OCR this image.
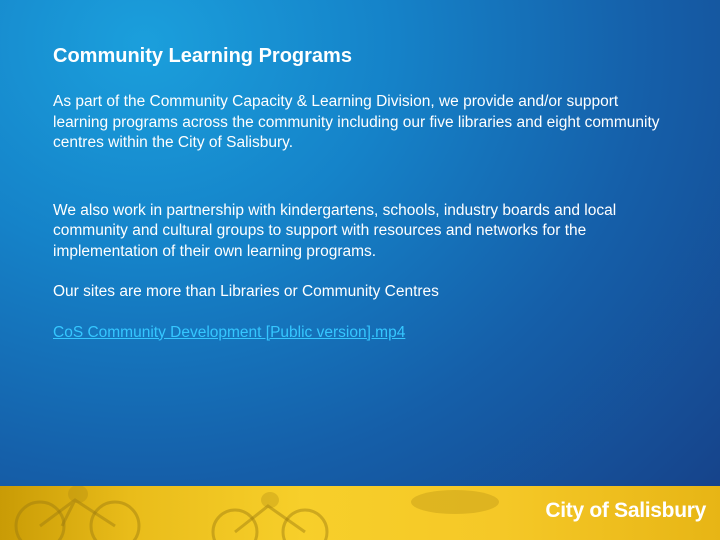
Community Learning Programs

As part of the Community Capacity & Learning Division, we provide and/or support learning programs across the community including our five libraries and eight community centres within the City of Salisbury.

We also work in partnership with kindergartens, schools, industry boards and local community and cultural groups to support with resources and networks for the implementation of their own learning programs.

Our sites are more than Libraries or Community Centres

CoS Community Development [Public version].mp4
City of Salisbury
